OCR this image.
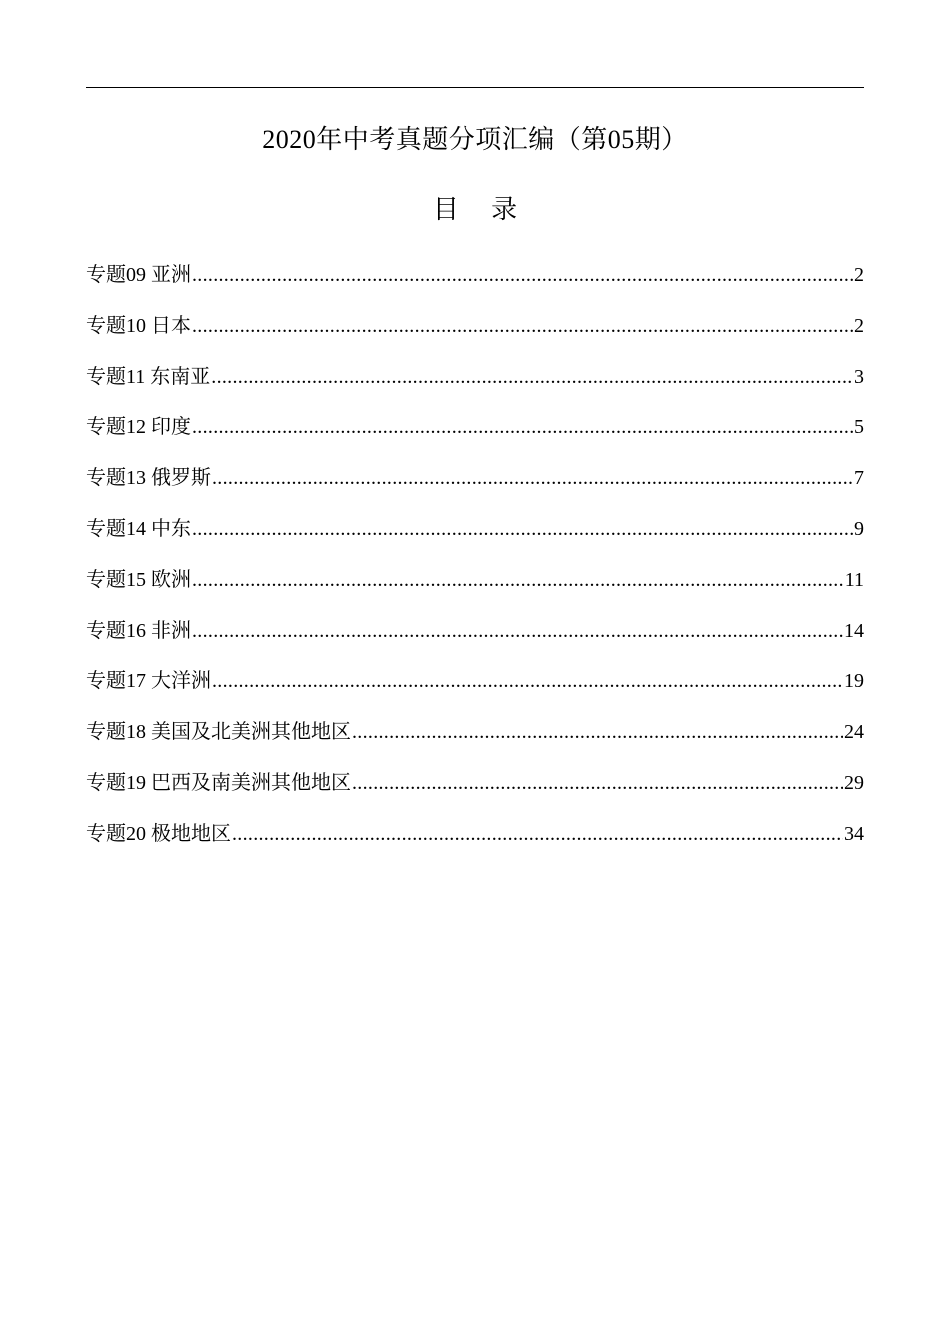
2020年中考真题分项汇编（第05期）
目 录
专题09 亚洲 .....	2
专题10 日本 .....	2
专题11 东南亚 .....	3
专题12 印度 .....	5
专题13 俄罗斯 .....	7
专题14 中东 .....	9
专题15 欧洲 .....	11
专题16 非洲 .....	14
专题17 大洋洲 .....	19
专题18 美国及北美洲其他地区 .....	24
专题19 巴西及南美洲其他地区 .....	29
专题20 极地地区 .....	34
